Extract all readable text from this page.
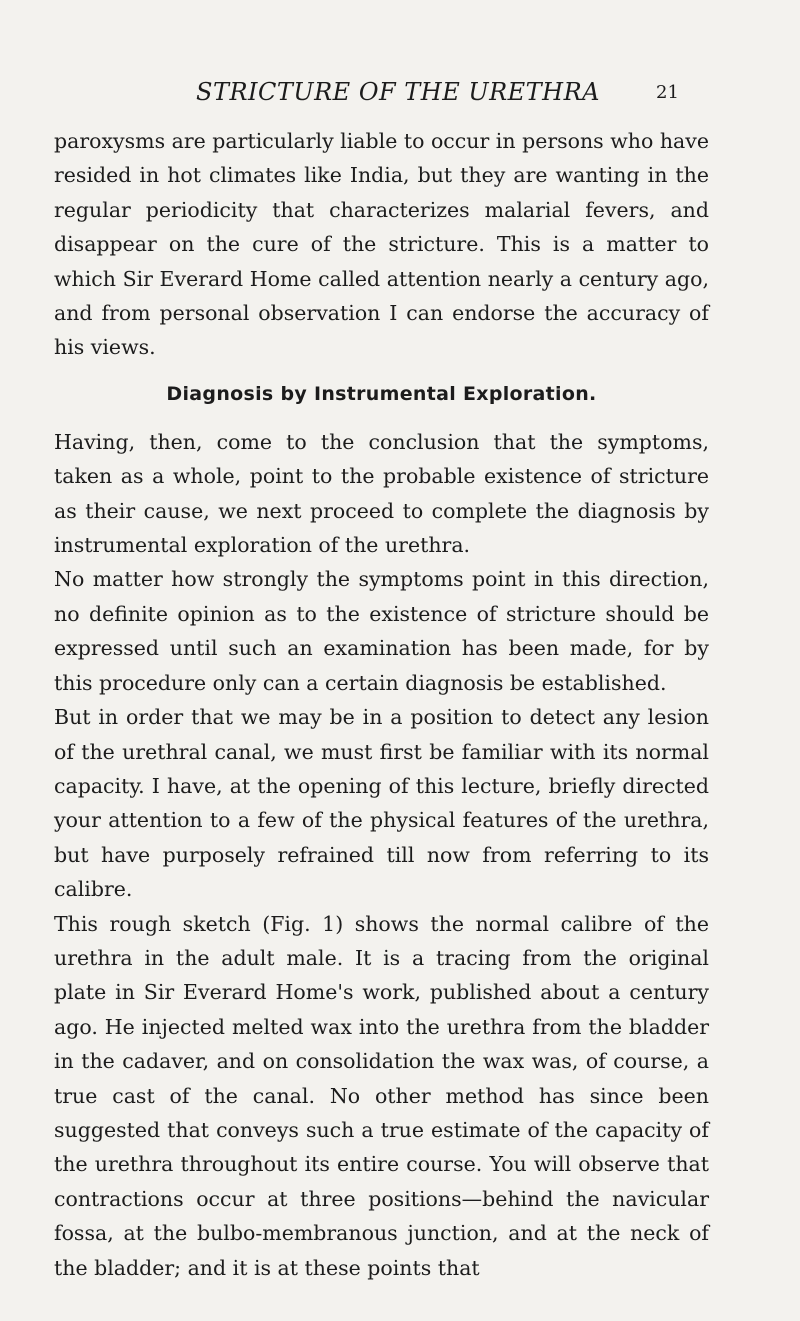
STRICTURE OF THE URETHRA	21

paroxysms are particularly liable to occur in persons who have resided in hot climates like India, but they are wanting in the regular periodicity that characterizes malarial fevers, and disappear on the cure of the stricture. This is a matter to which Sir Everard Home called attention nearly a century ago, and from personal observation I can endorse the accuracy of his views.

Diagnosis by Instrumental Exploration.

Having, then, come to the conclusion that the symptoms, taken as a whole, point to the probable existence of stricture as their cause, we next proceed to complete the diagnosis by instrumental exploration of the urethra.

No matter how strongly the symptoms point in this direction, no definite opinion as to the existence of stricture should be expressed until such an examination has been made, for by this procedure only can a certain diagnosis be established.

But in order that we may be in a position to detect any lesion of the urethral canal, we must first be familiar with its normal capacity. I have, at the opening of this lecture, briefly directed your attention to a few of the physical features of the urethra, but have purposely refrained till now from referring to its calibre.

This rough sketch (Fig. 1) shows the normal calibre of the urethra in the adult male. It is a tracing from the original plate in Sir Everard Home's work, published about a century ago. He injected melted wax into the urethra from the bladder in the cadaver, and on consolidation the wax was, of course, a true cast of the canal. No other method has since been suggested that conveys such a true estimate of the capacity of the urethra throughout its entire course. You will observe that contractions occur at three positions—behind the navicular fossa, at the bulbo-membranous junction, and at the neck of the bladder; and it is at these points that
